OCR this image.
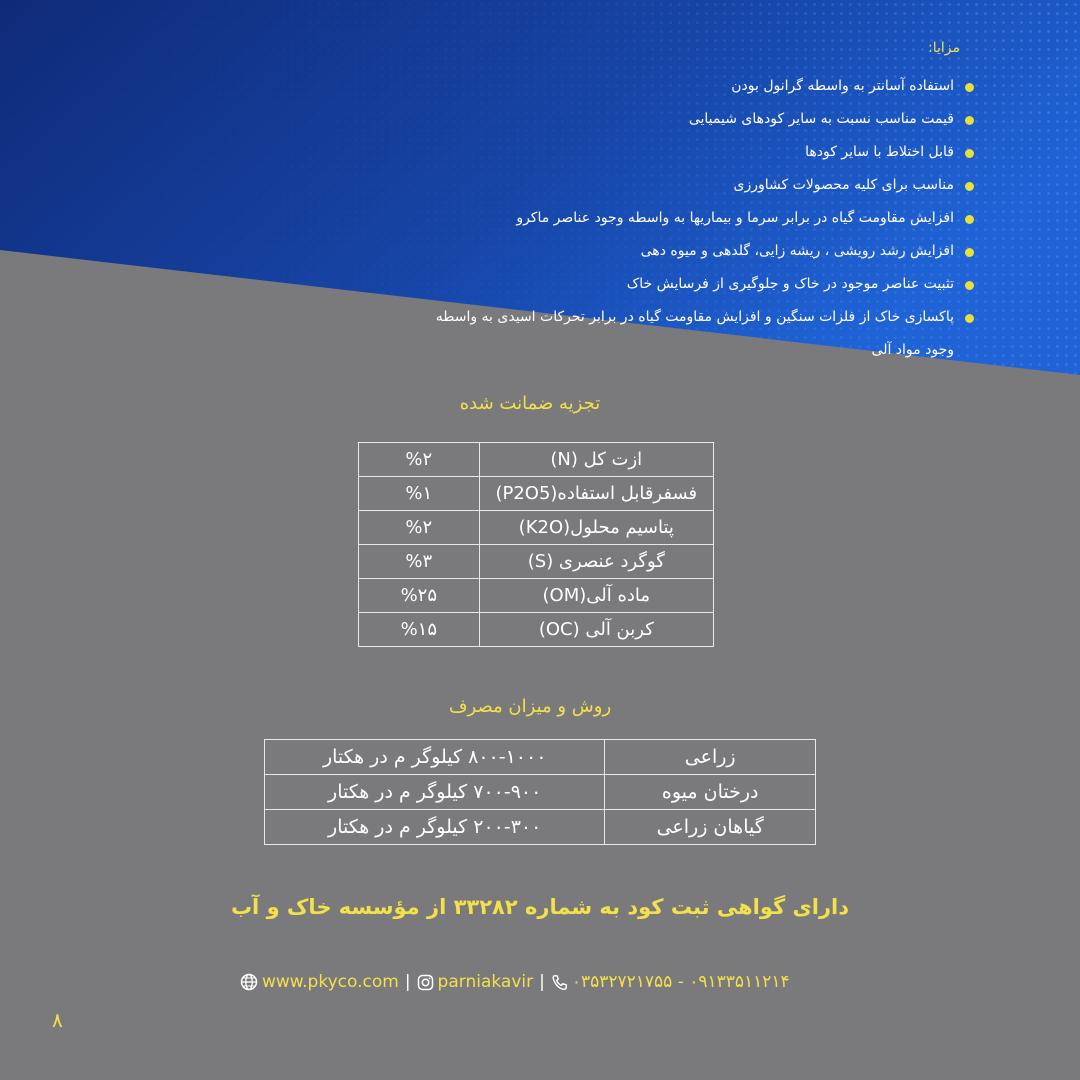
مزایا:
استفاده آسانتر به واسطه گرانول بودن
قیمت مناسب نسبت به سایر کودهای شیمیایی
قابل اختلاط با سایر کودها
مناسب برای کلیه محصولات کشاورزی
افزایش مقاومت گیاه در برابر سرما و بیماریها به واسطه وجود عناصر ماکرو
افزایش رشد رویشی ، ریشه زایی، گلدهی و میوه دهی
تثبیت عناصر موجود در خاک و جلوگیری از فرسایش خاک
پاکسازی خاک از فلزات سنگین و افزایش مقاومت گیاه در برابر تحرکات اسیدی به واسطه وجود مواد آلی
تجزیه ضمانت شده
ازت کل (N)	%۲
فسفرقابل استفاده(P2O5)	%۱
پتاسیم محلول(K2O)	%۲
گوگرد عنصری (S)	%۳
ماده آلی(OM)	%۲۵
کربن آلی (OC)	%۱۵
روش و میزان مصرف
زراعی	۸۰۰-۱۰۰۰ کیلوگر م در هکتار
درختان میوه	۷۰۰-۹۰۰ کیلوگر م در هکتار
گیاهان زراعی	۲۰۰-۳۰۰ کیلوگر م در هکتار
دارای گواهی ثبت کود به شماره ۳۳۲۸۲ از مؤسسه خاک و آب
www.pkyco.com | parniakavir | ۰۹۱۳۳۵۱۱۲۱۴ - ۰۳۵۳۲۷۲۱۷۵۵
۸
